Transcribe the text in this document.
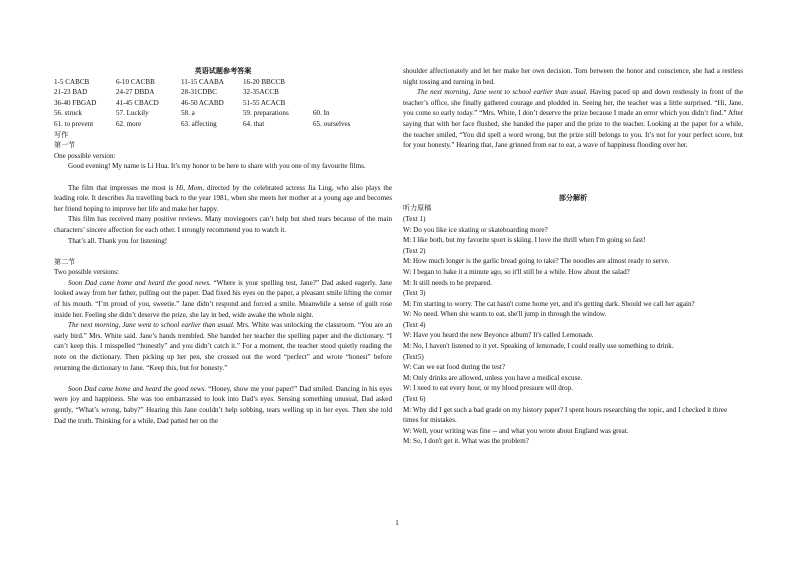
英语试题参考答案

1-5 CABCB	6-10 CACBB	11-15 CAABA	16-20 BBCCB
21-23 BAD	24-27 DBDA	28-31CDBC	32-35ACCB
36-40 FBGAD	41-45 CBACD	46-50 ACABD	51-55 ACACB
56. struck	57. Luckily	58. a	59. preparations	60. In
61. to prevent	62. more	63. affecting	64. that	65. ourselves

写作

第一节

One possible version:

Good evening! My name is Li Hua. It’s my honor to be here to share with you one of my favourite films.

The film that impresses me most is Hi, Mom, directed by the celebrated actress Jia Ling, who also plays the leading role. It describes Jia travelling back to the year 1981, when she meets her mother at a young age and becomes her friend hoping to improve her life and make her happy.

This film has received many positive reviews. Many moviegoers can’t help but shed tears because of the main characters’ sincere affection for each other. I strongly recommend you to watch it.

That’s all. Thank you for listening!

第二节

Two possible versions:

Soon Dad came home and heard the good news. “Where is your spelling test, Jane?” Dad asked eagerly. Jane looked away from her father, pulling out the paper. Dad fixed his eyes on the paper, a pleasant smile lifting the corner of his mouth. “I’m proud of you, sweetie.” Jane didn’t respond and forced a smile. Meanwhile a sense of guilt rose inside her. Feeling she didn’t deserve the prize, she lay in bed, wide awake the whole night.

The next morning, Jane went to school earlier than usual. Mrs. White was unlocking the classroom. “You are an early bird.” Mrs. White said. Jane’s hands trembled. She handed her teacher the spelling paper and the dictionary. “I can’t keep this. I misspelled “honestly” and you didn’t catch it.” For a moment, the teacher stood quietly reading the note on the dictionary. Then picking up her pen, she crossed out the word “perfect” and wrote “honest” before returning the dictionary to Jane. “Keep this, but for honesty.”

Soon Dad came home and heard the good news. “Honey, show me your paper!” Dad smiled. Dancing in his eyes were joy and happiness. She was too embarrassed to look into Dad’s eyes. Sensing something unusual, Dad asked gently, “What’s wrong, baby?” Hearing this Jane couldn’t help sobbing, tears welling up in her eyes. Then she told Dad the truth. Thinking for a while, Dad patted her on the

shoulder affectionately and let her make her own decision. Torn between the honor and conscience, she had a restless night tossing and turning in bed.

The next morning, Jane went to school earlier than usual. Having paced up and down restlessly in front of the teacher’s office, she finally gathered courage and plodded in. Seeing her, the teacher was a little surprised. “Hi, Jane, you come so early today.” “Mrs. White, I don’t deserve the prize because I made an error which you didn’t find.” After saying that with her face flushed, she handed the paper and the prize to the teacher. Looking at the paper for a while, the teacher smiled, “You did spell a word wrong, but the prize still belongs to you. It’s not for your perfect score, but for your honesty.” Hearing that, Jane grinned from ear to ear, a wave of happiness flooding over her.

部分解析

听力原稿

(Text 1)

W: Do you like ice skating or skateboarding more?

M: I like both, but my favorite sport is skiing. I love the thrill when I'm going so fast!

(Text 2)

M: How much longer is the garlic bread going to take? The noodles are almost ready to serve.

W: I began to bake it a minute ago, so it'll still be a while. How about the salad?

M: It still needs to be prepared.

(Text 3)

M: I'm starting to worry. The cat hasn't come home yet, and it's getting dark. Should we call her again?

W: No need. When she wants to eat, she'll jump in through the window.

(Text 4)

W: Have you heard the new Beyonce album? It's called Lemonade.

M: No, I haven't listened to it yet. Speaking of lemonade, I could really use something to drink.

(Text5)

W: Can we eat food during the test?

M: Only drinks are allowed, unless you have a medical excuse.

W: I need to eat every hour, or my blood pressure will drop.

(Text 6)

M: Why did I get such a bad grade on my history paper? I spent hours researching the topic, and I checked it three times for mistakes.

W: Well, your writing was fine -- and what you wrote about England was great.

M: So, I don't get it. What was the problem?

1
